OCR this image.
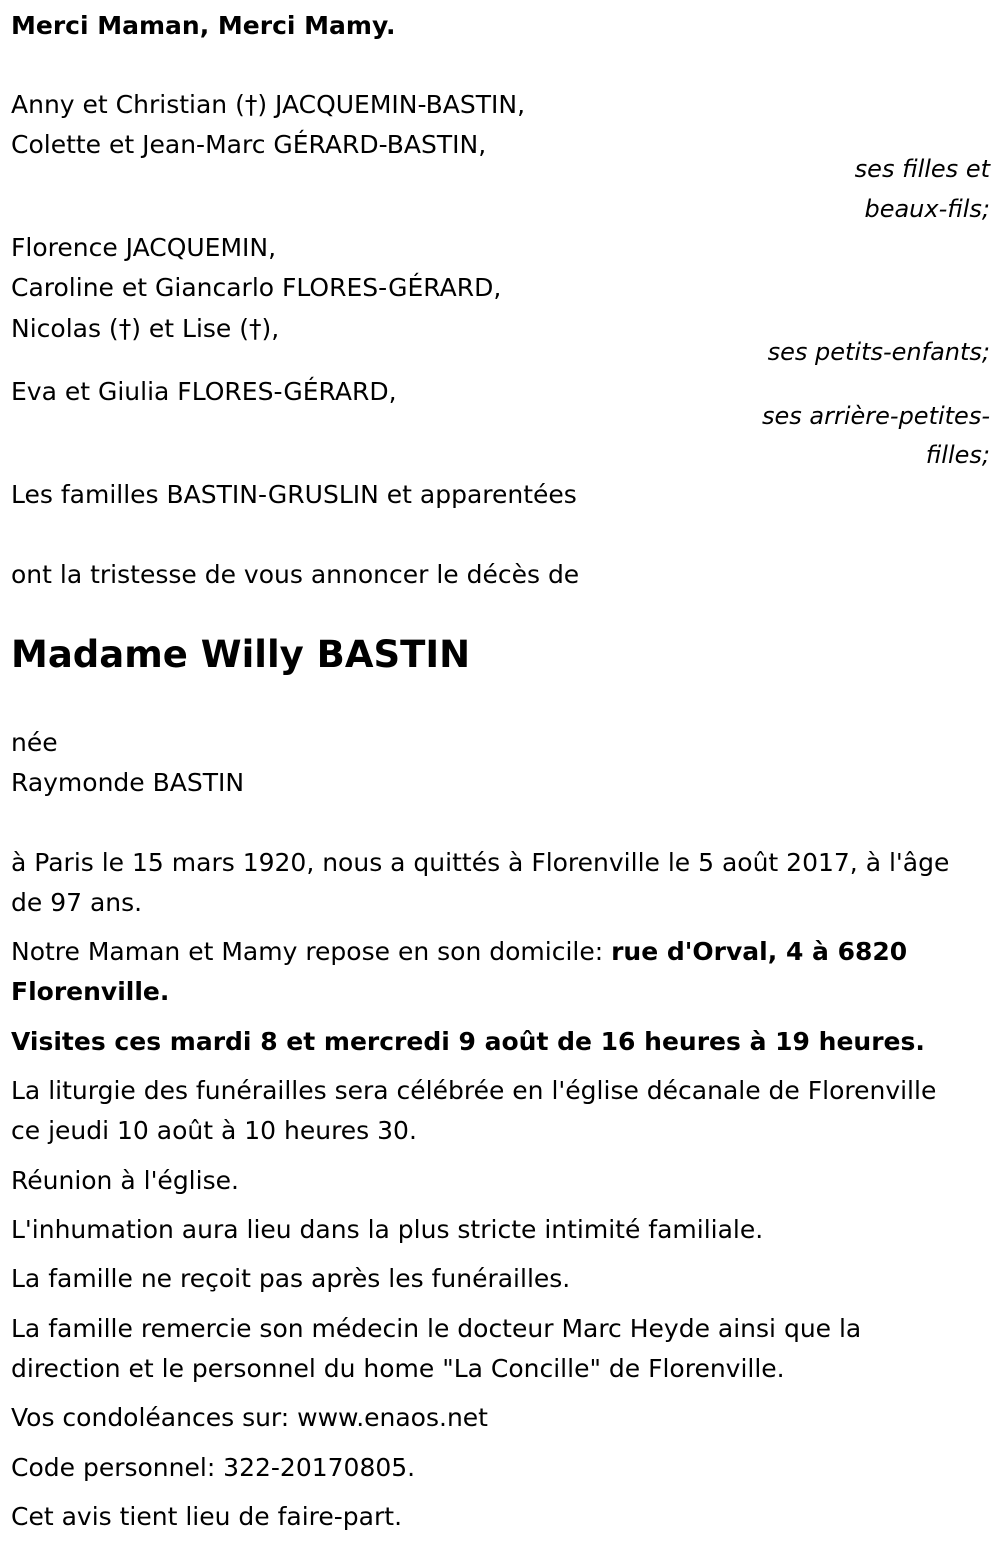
Merci Maman, Merci Mamy.
Anny et Christian (†) JACQUEMIN-BASTIN,
Colette et Jean-Marc GÉRARD-BASTIN,
ses filles et
beaux-fils;
Florence JACQUEMIN,
Caroline et Giancarlo FLORES-GÉRARD,
Nicolas (†) et Lise (†),
ses petits-enfants;
Eva et Giulia FLORES-GÉRARD,
ses arrière-petites-
filles;
Les familles BASTIN-GRUSLIN et apparentées
ont la tristesse de vous annoncer le décès de
Madame Willy BASTIN
née
Raymonde BASTIN
à Paris le 15 mars 1920, nous a quittés à Florenville le 5 août 2017, à l'âge
de 97 ans.
Notre Maman et Mamy repose en son domicile: rue d'Orval, 4 à 6820
Florenville.
Visites ces mardi 8 et mercredi 9 août de 16 heures à 19 heures.
La liturgie des funérailles sera célébrée en l'église décanale de Florenville
ce jeudi 10 août à 10 heures 30.
Réunion à l'église.
L'inhumation aura lieu dans la plus stricte intimité familiale.
La famille ne reçoit pas après les funérailles.
La famille remercie son médecin le docteur Marc Heyde ainsi que la
direction et le personnel du home "La Concille" de Florenville.
Vos condoléances sur: www.enaos.net
Code personnel: 322-20170805.
Cet avis tient lieu de faire-part.
